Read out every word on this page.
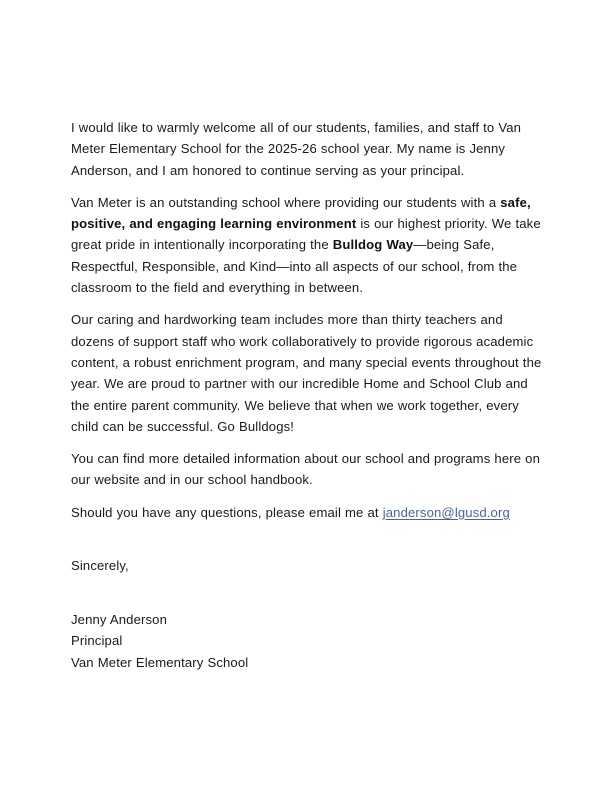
I would like to warmly welcome all of our students, families, and staff to Van Meter Elementary School for the 2025-26 school year. My name is Jenny Anderson, and I am honored to continue serving as your principal.

Van Meter is an outstanding school where providing our students with a safe, positive, and engaging learning environment is our highest priority. We take great pride in intentionally incorporating the Bulldog Way—being Safe, Respectful, Responsible, and Kind—into all aspects of our school, from the classroom to the field and everything in between.

Our caring and hardworking team includes more than thirty teachers and dozens of support staff who work collaboratively to provide rigorous academic content, a robust enrichment program, and many special events throughout the year. We are proud to partner with our incredible Home and School Club and the entire parent community. We believe that when we work together, every child can be successful. Go Bulldogs!

You can find more detailed information about our school and programs here on our website and in our school handbook.

Should you have any questions, please email me at janderson@lgusd.org

Sincerely,

Jenny Anderson

Principal

Van Meter Elementary School
